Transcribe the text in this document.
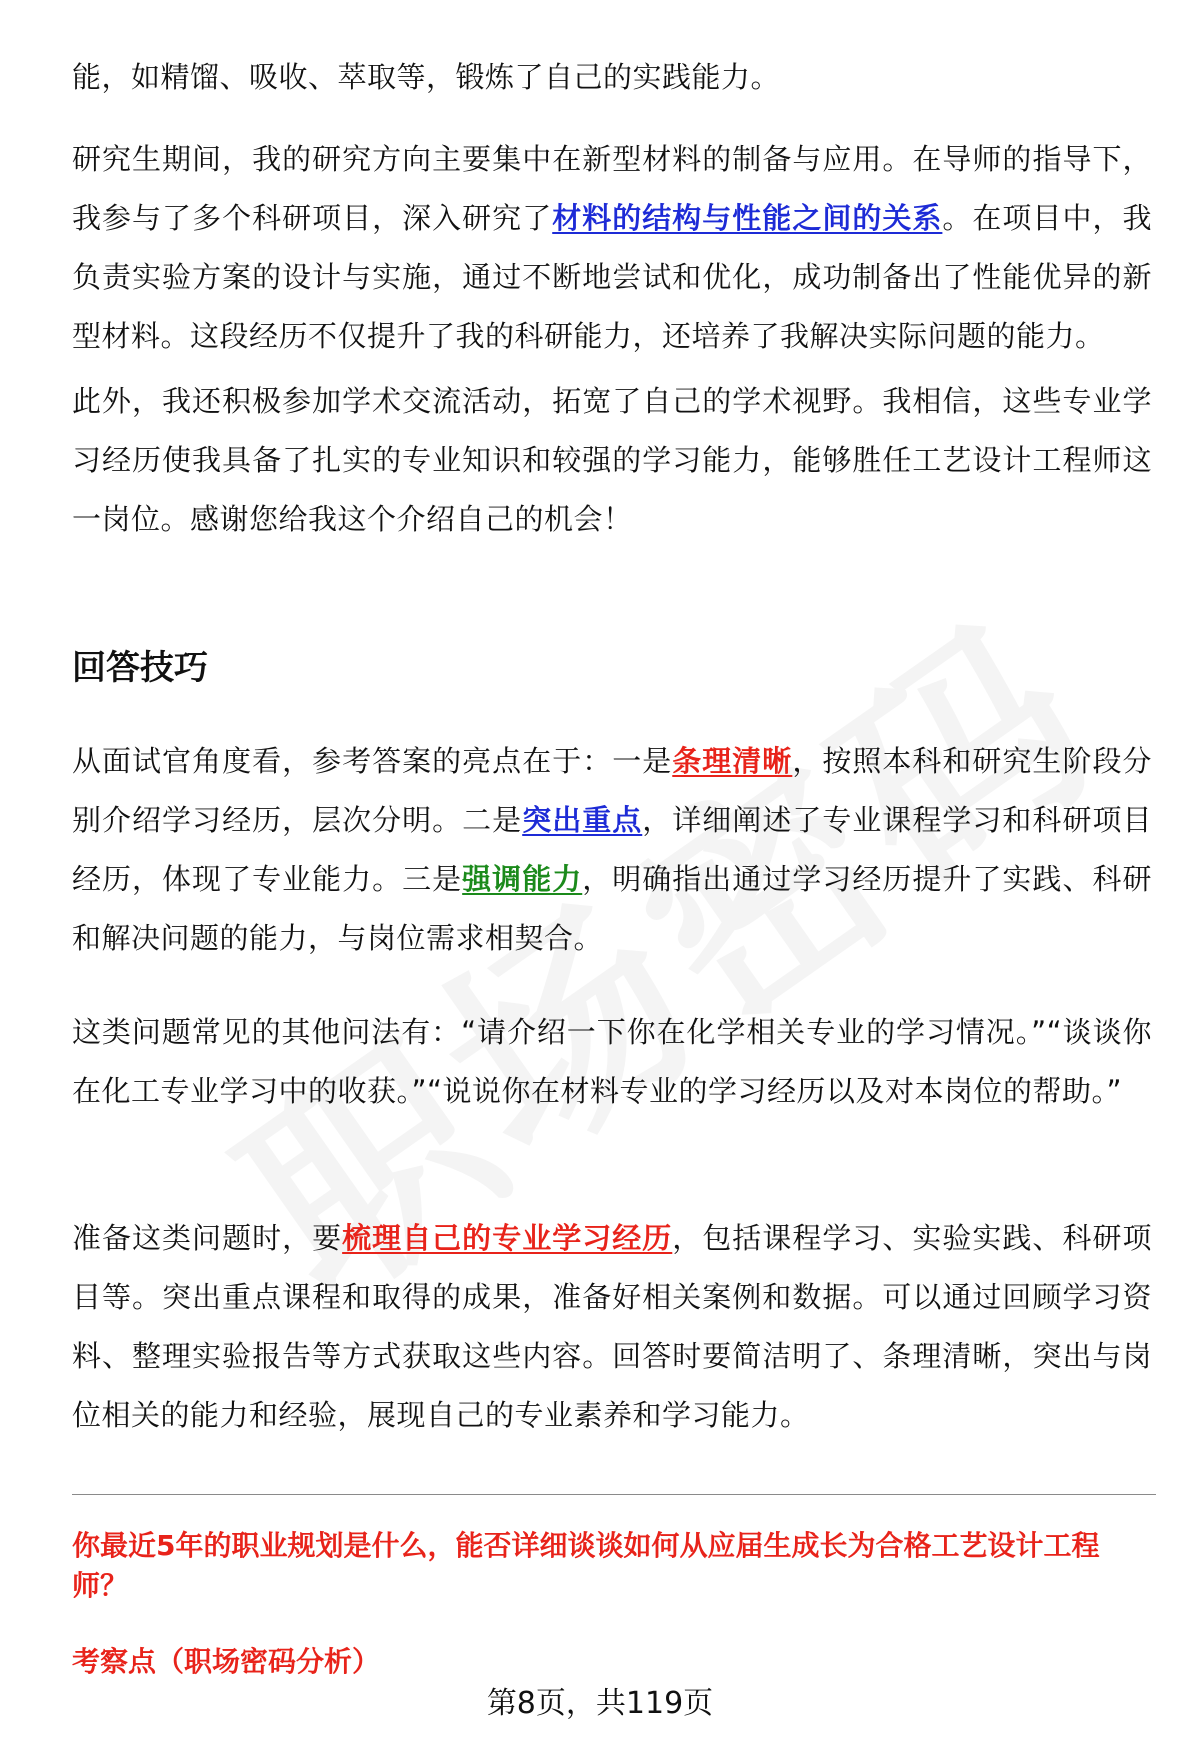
能，如精馏、吸收、萃取等，锻炼了自己的实践能力。

研究生期间，我的研究方向主要集中在新型材料的制备与应用。在导师的指导下，我参与了多个科研项目，深入研究了材料的结构与性能之间的关系。在项目中，我负责实验方案的设计与实施，通过不断地尝试和优化，成功制备出了性能优异的新型材料。这段经历不仅提升了我的科研能力，还培养了我解决实际问题的能力。

此外，我还积极参加学术交流活动，拓宽了自己的学术视野。我相信，这些专业学习经历使我具备了扎实的专业知识和较强的学习能力，能够胜任工艺设计工程师这一岗位。感谢您给我这个介绍自己的机会！

回答技巧

从面试官角度看，参考答案的亮点在于：一是条理清晰，按照本科和研究生阶段分别介绍学习经历，层次分明。二是突出重点，详细阐述了专业课程学习和科研项目经历，体现了专业能力。三是强调能力，明确指出通过学习经历提升了实践、科研和解决问题的能力，与岗位需求相契合。

这类问题常见的其他问法有：“请介绍一下你在化学相关专业的学习情况。”“谈谈你在化工专业学习中的收获。”“说说你在材料专业的学习经历以及对本岗位的帮助。”

准备这类问题时，要梳理自己的专业学习经历，包括课程学习、实验实践、科研项目等。突出重点课程和取得的成果，准备好相关案例和数据。可以通过回顾学习资料、整理实验报告等方式获取这些内容。回答时要简洁明了、条理清晰，突出与岗位相关的能力和经验，展现自己的专业素养和学习能力。

你最近5年的职业规划是什么，能否详细谈谈如何从应届生成长为合格工艺设计工程师？

考察点（职场密码分析）

第8页，共119页
